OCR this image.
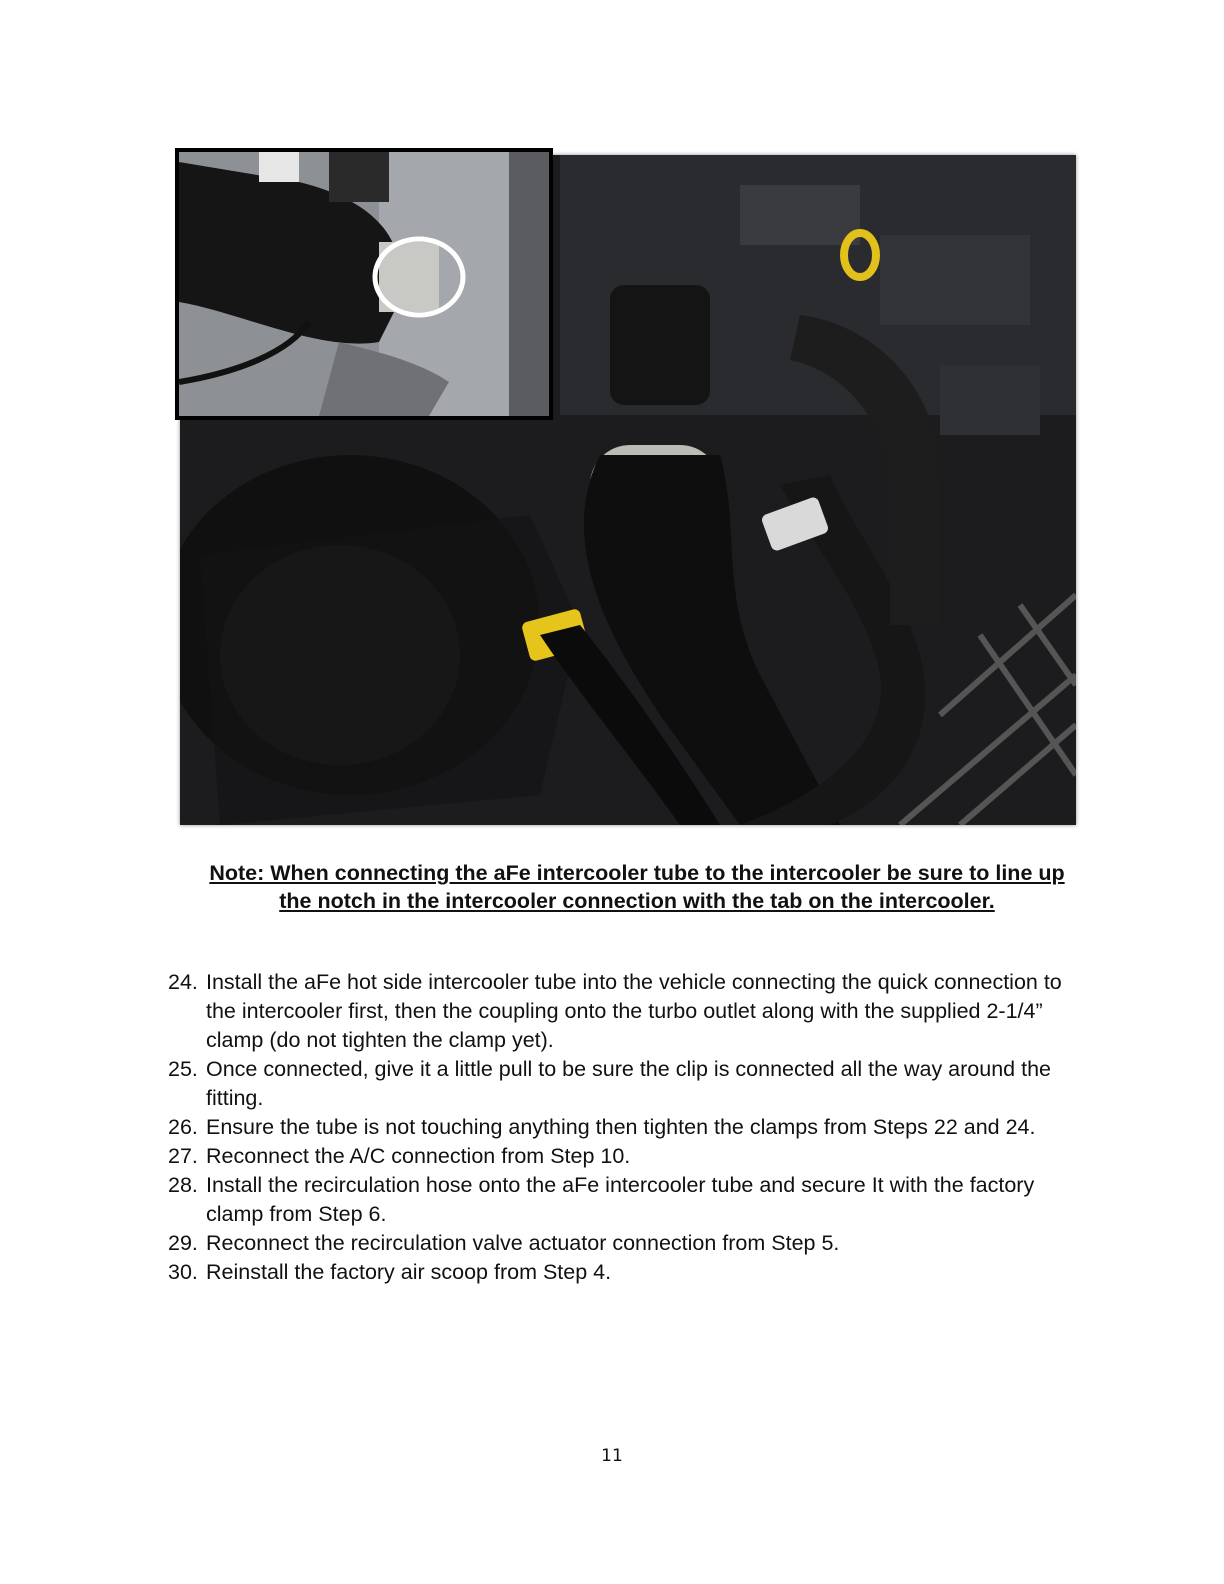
Note: When connecting the aFe intercooler tube to the intercooler be sure to line up the notch in the intercooler connection with the tab on the intercooler.
24. Install the aFe hot side intercooler tube into the vehicle connecting the quick connection to the intercooler first, then the coupling onto the turbo outlet along with the supplied 2-1/4” clamp (do not tighten the clamp yet).
25. Once connected, give it a little pull to be sure the clip is connected all the way around the fitting.
26. Ensure the tube is not touching anything then tighten the clamps from Steps 22 and 24.
27. Reconnect the A/C connection from Step 10.
28. Install the recirculation hose onto the aFe intercooler tube and secure It with the factory clamp from Step 6.
29. Reconnect the recirculation valve actuator connection from Step 5.
30. Reinstall the factory air scoop from Step 4.
11
